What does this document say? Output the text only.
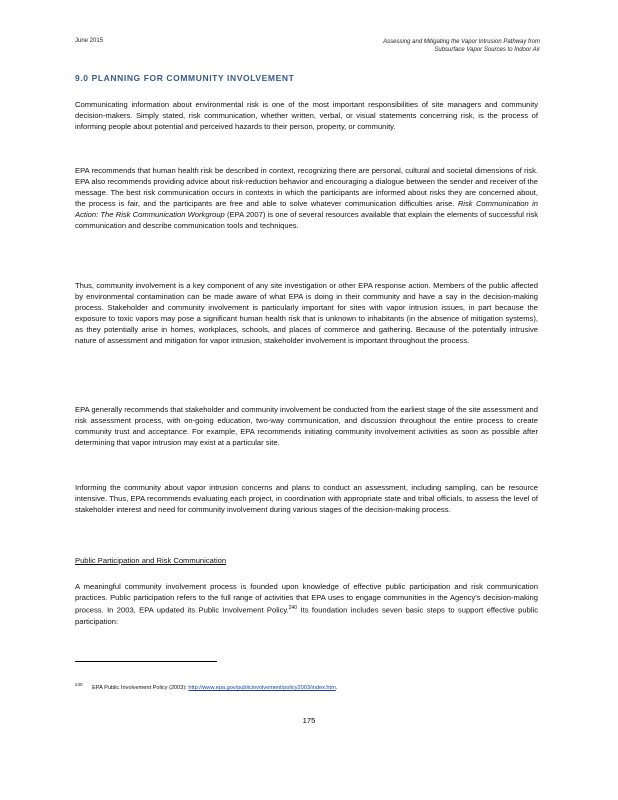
June 2015	Assessing and Mitigating the Vapor Intrusion Pathway from
Subsurface Vapor Sources to Indoor Air
9.0 PLANNING FOR COMMUNITY INVOLVEMENT
Communicating information about environmental risk is one of the most important responsibilities of site managers and community decision-makers. Simply stated, risk communication, whether written, verbal, or visual statements concerning risk, is the process of informing people about potential and perceived hazards to their person, property, or community.
EPA recommends that human health risk be described in context, recognizing there are personal, cultural and societal dimensions of risk. EPA also recommends providing advice about risk-reduction behavior and encouraging a dialogue between the sender and receiver of the message. The best risk communication occurs in contexts in which the participants are informed about risks they are concerned about, the process is fair, and the participants are free and able to solve whatever communication difficulties arise. Risk Communication in Action: The Risk Communication Workgroup (EPA 2007) is one of several resources available that explain the elements of successful risk communication and describe communication tools and techniques.
Thus, community involvement is a key component of any site investigation or other EPA response action. Members of the public affected by environmental contamination can be made aware of what EPA is doing in their community and have a say in the decision-making process. Stakeholder and community involvement is particularly important for sites with vapor intrusion issues, in part because the exposure to toxic vapors may pose a significant human health risk that is unknown to inhabitants (in the absence of mitigation systems), as they potentially arise in homes, workplaces, schools, and places of commerce and gathering. Because of the potentially intrusive nature of assessment and mitigation for vapor intrusion, stakeholder involvement is important throughout the process.
EPA generally recommends that stakeholder and community involvement be conducted from the earliest stage of the site assessment and risk assessment process, with on-going education, two-way communication, and discussion throughout the entire process to create community trust and acceptance. For example, EPA recommends initiating community involvement activities as soon as possible after determining that vapor intrusion may exist at a particular site.
Informing the community about vapor intrusion concerns and plans to conduct an assessment, including sampling, can be resource intensive. Thus, EPA recommends evaluating each project, in coordination with appropriate state and tribal officials, to assess the level of stakeholder interest and need for community involvement during various stages of the decision-making process.
Public Participation and Risk Communication
A meaningful community involvement process is founded upon knowledge of effective public participation and risk communication practices. Public participation refers to the full range of activities that EPA uses to engage communities in the Agency's decision-making process. In 2003, EPA updated its Public Involvement Policy.$^{240}$ Its foundation includes seven basic steps to support effective public participation:
$^{240}$ EPA Public Involvement Policy (2003): http://www.epa.gov/publicinvolvement/policy2003/index.htm.
175
